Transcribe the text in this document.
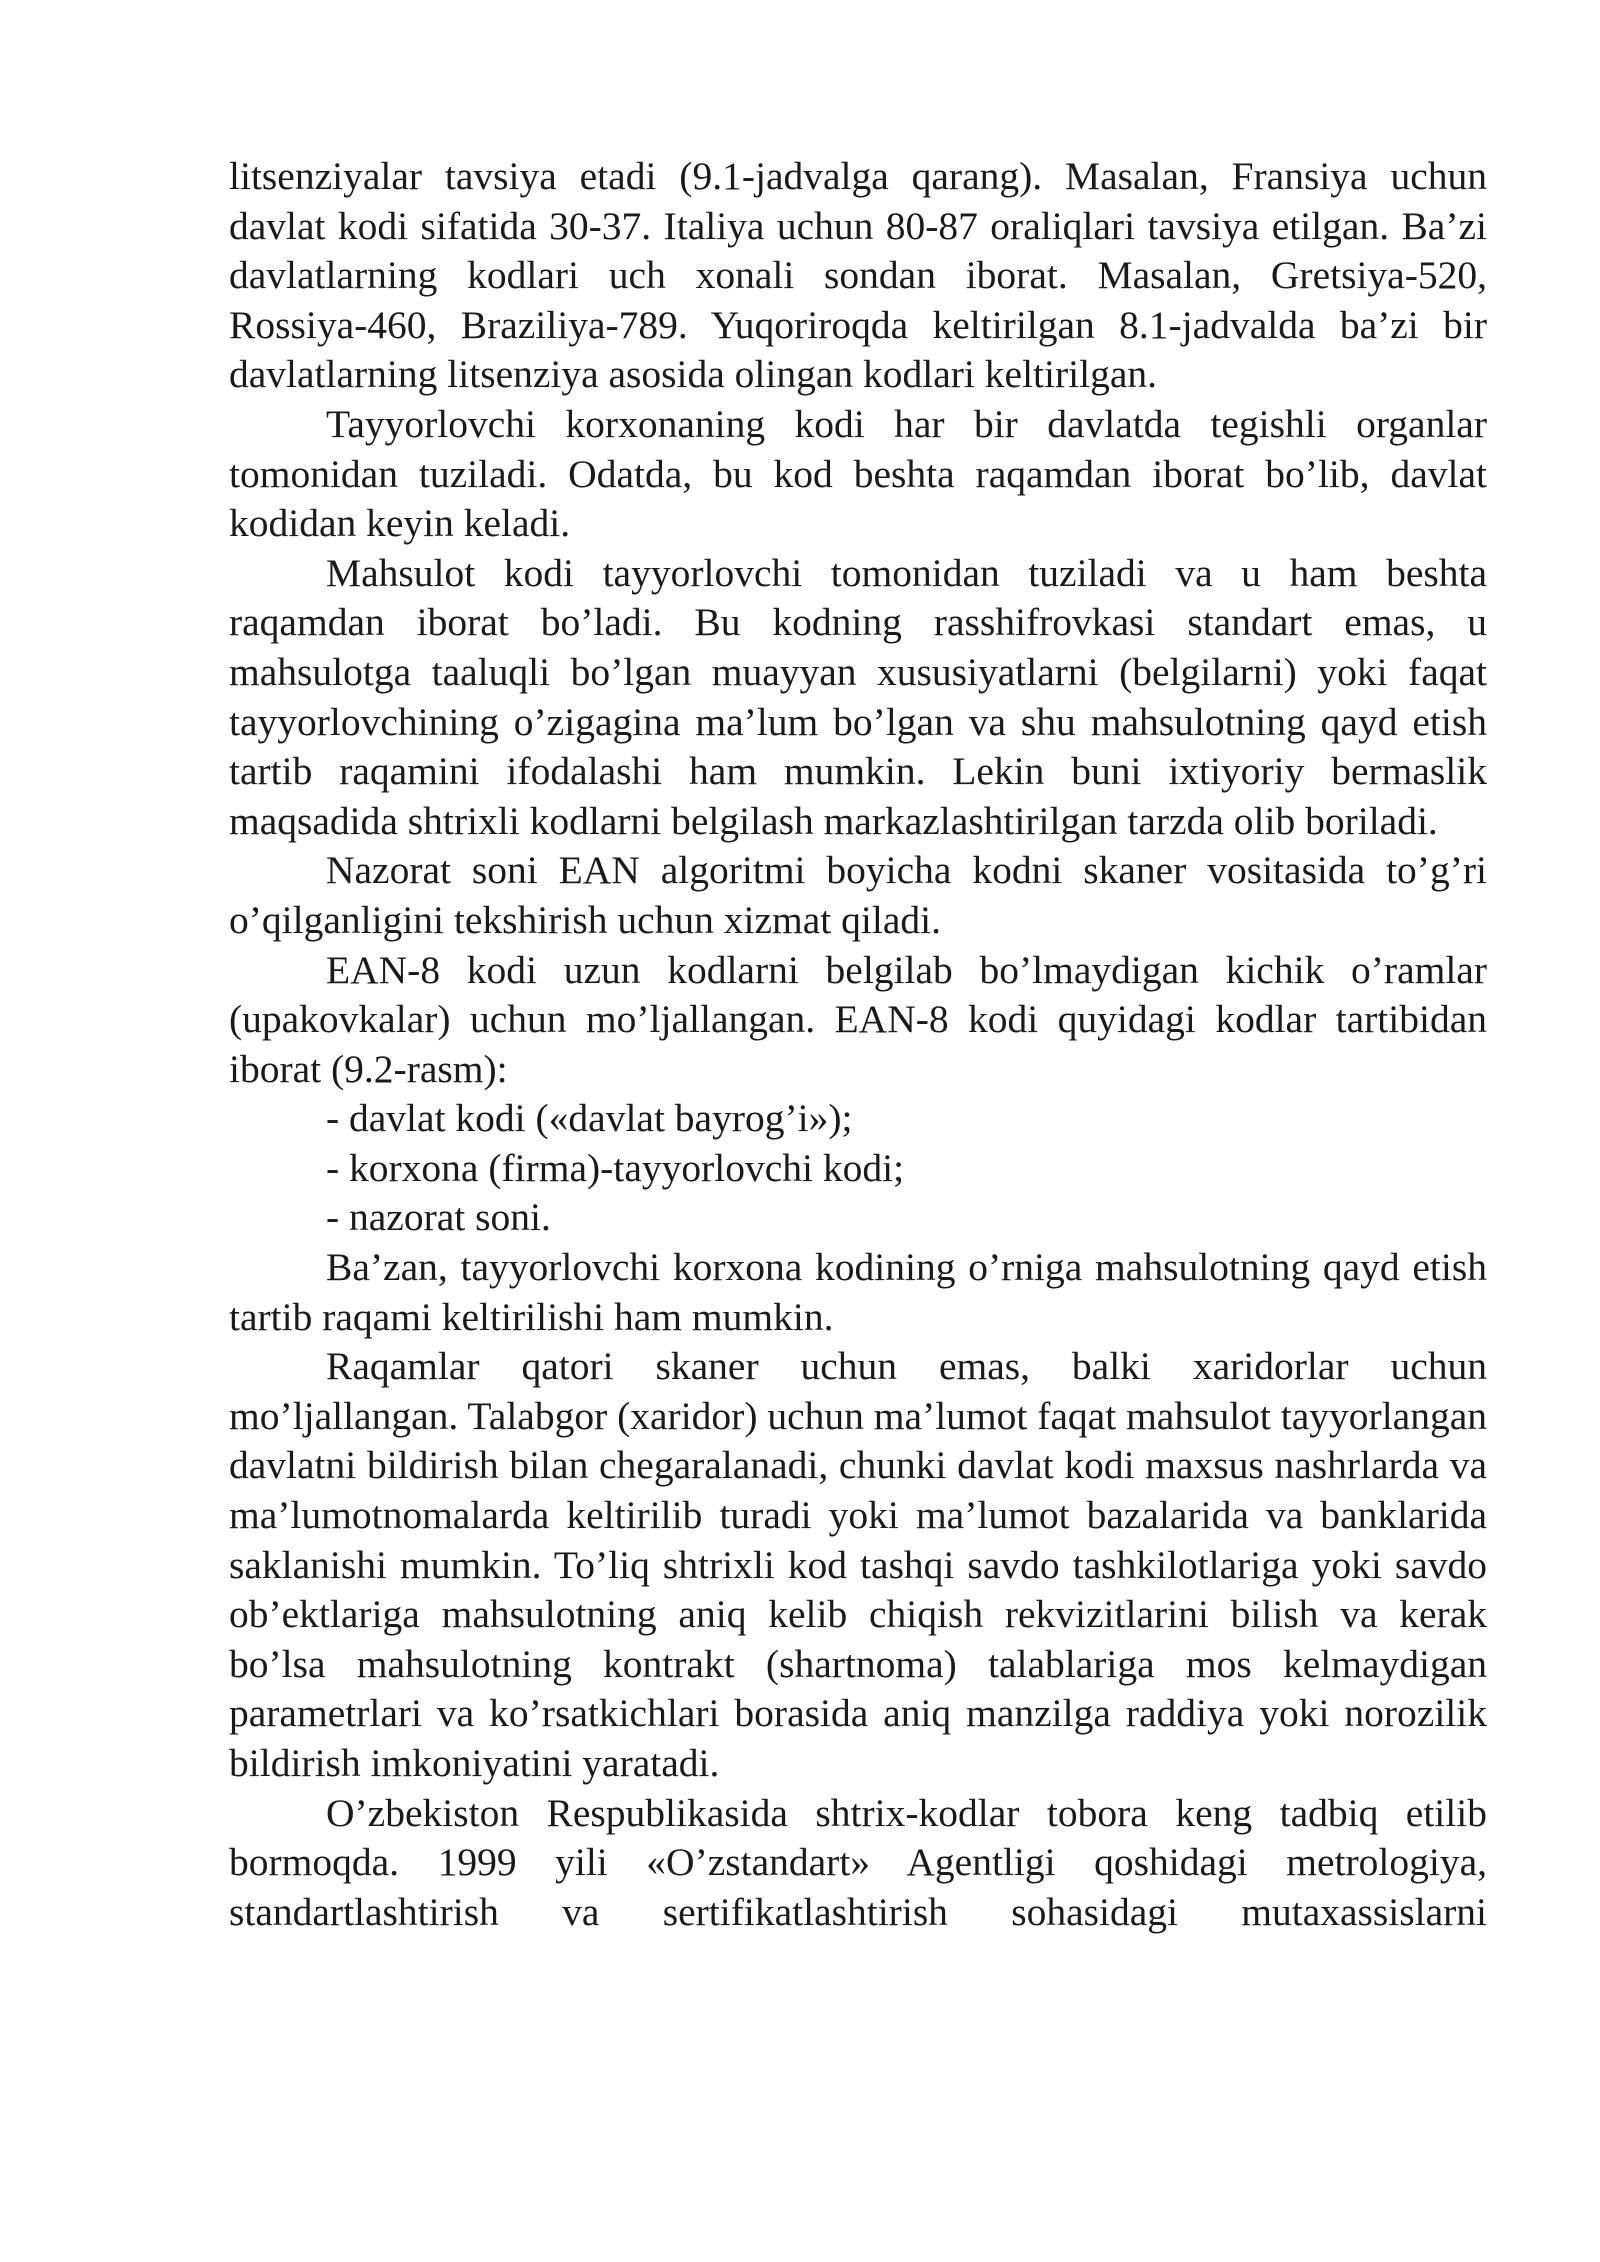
litsenziyalar tavsiya etadi (9.1-jadvalga qarang). Masalan, Fransiya uchun davlat kodi sifatida 30-37. Italiya uchun 80-87 oraliqlari tavsiya etilgan. Ba’zi davlatlarning kodlari uch xonali sondan iborat. Masalan, Gretsiya-520, Rossiya-460, Braziliya-789. Yuqoriroqda keltirilgan 8.1-jadvalda ba’zi bir davlatlarning litsenziya asosida olingan kodlari keltirilgan.

Tayyorlovchi korxonaning kodi har bir davlatda tegishli organlar tomonidan tuziladi. Odatda, bu kod beshta raqamdan iborat bo’lib, davlat kodidan keyin keladi.

Mahsulot kodi tayyorlovchi tomonidan tuziladi va u ham beshta raqamdan iborat bo’ladi. Bu kodning rasshifrovkasi standart emas, u mahsulotga taaluqli bo’lgan muayyan xususiyatlarni (belgilarni) yoki faqat tayyorlovchining o’zigagina ma’lum bo’lgan va shu mahsulotning qayd etish tartib raqamini ifodalashi ham mumkin. Lekin buni ixtiyoriy bermaslik maqsadida shtrixli kodlarni belgilash markazlashtirilgan tarzda olib boriladi.

Nazorat soni EAN algoritmi boyicha kodni skaner vositasida to’g’ri o’qilganligini tekshirish uchun xizmat qiladi.

EAN-8 kodi uzun kodlarni belgilab bo’lmaydigan kichik o’ramlar (upakovkalar) uchun mo’ljallangan. EAN-8 kodi quyidagi kodlar tartibidan iborat (9.2-rasm):

- davlat kodi («davlat bayrog’i»);

- korxona (firma)-tayyorlovchi kodi;

- nazorat soni.

Ba’zan, tayyorlovchi korxona kodining o’rniga mahsulotning qayd etish tartib raqami keltirilishi ham mumkin.

Raqamlar qatori skaner uchun emas, balki xaridorlar uchun mo’ljallangan. Talabgor (xaridor) uchun ma’lumot faqat mahsulot tayyorlangan davlatni bildirish bilan chegaralanadi, chunki davlat kodi maxsus nashrlarda va ma’lumotnomalarda keltirilib turadi yoki ma’lumot bazalarida va banklarida saklanishi mumkin. To’liq shtrixli kod tashqi savdo tashkilotlariga yoki savdo ob’ektlariga mahsulotning aniq kelib chiqish rekvizitlarini bilish va kerak bo’lsa mahsulotning kontrakt (shartnoma) talablariga mos kelmaydigan parametrlari va ko’rsatkichlari borasida aniq manzilga raddiya yoki norozilik bildirish imkoniyatini yaratadi.

O’zbekiston Respublikasida shtrix-kodlar tobora keng tadbiq etilib bormoqda. 1999 yili «O’zstandart» Agentligi qoshidagi metrologiya, standartlashtirish va sertifikatlashtirish sohasidagi mutaxassislarni
